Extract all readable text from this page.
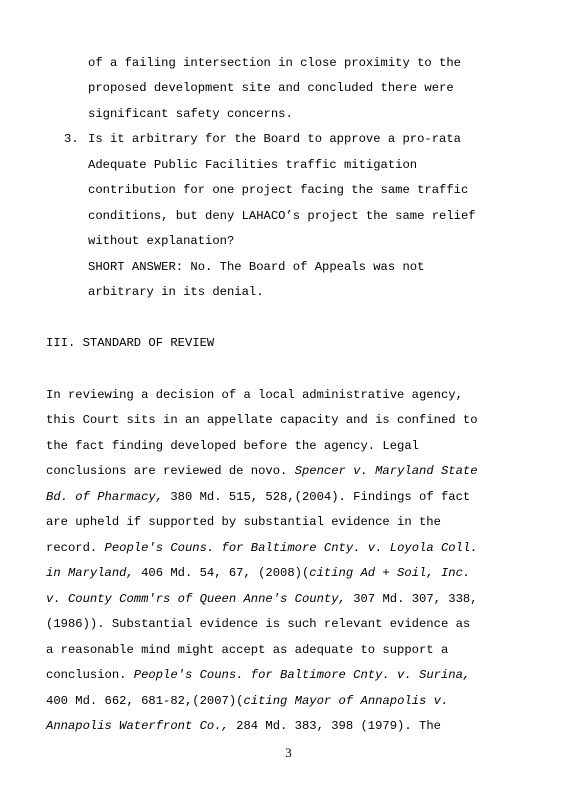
of a failing intersection in close proximity to the
proposed development site and concluded there were
significant safety concerns.
3. Is it arbitrary for the Board to approve a pro-rata
Adequate Public Facilities traffic mitigation
contribution for one project facing the same traffic
conditions, but deny LAHACO’s project the same relief
without explanation?
SHORT ANSWER: No. The Board of Appeals was not
arbitrary in its denial.
III. STANDARD OF REVIEW
In reviewing a decision of a local administrative agency,
this Court sits in an appellate capacity and is confined to
the fact finding developed before the agency. Legal
conclusions are reviewed de novo. Spencer v. Maryland State
Bd. of Pharmacy, 380 Md. 515, 528,(2004). Findings of fact
are upheld if supported by substantial evidence in the
record. People's Couns. for Baltimore Cnty. v. Loyola Coll.
in Maryland, 406 Md. 54, 67, (2008)(citing Ad + Soil, Inc.
v. County Comm'rs of Queen Anne's County, 307 Md. 307, 338,
(1986)). Substantial evidence is such relevant evidence as
a reasonable mind might accept as adequate to support a
conclusion. People's Couns. for Baltimore Cnty. v. Surina,
400 Md. 662, 681-82,(2007)(citing Mayor of Annapolis v.
Annapolis Waterfront Co., 284 Md. 383, 398 (1979). The
3
